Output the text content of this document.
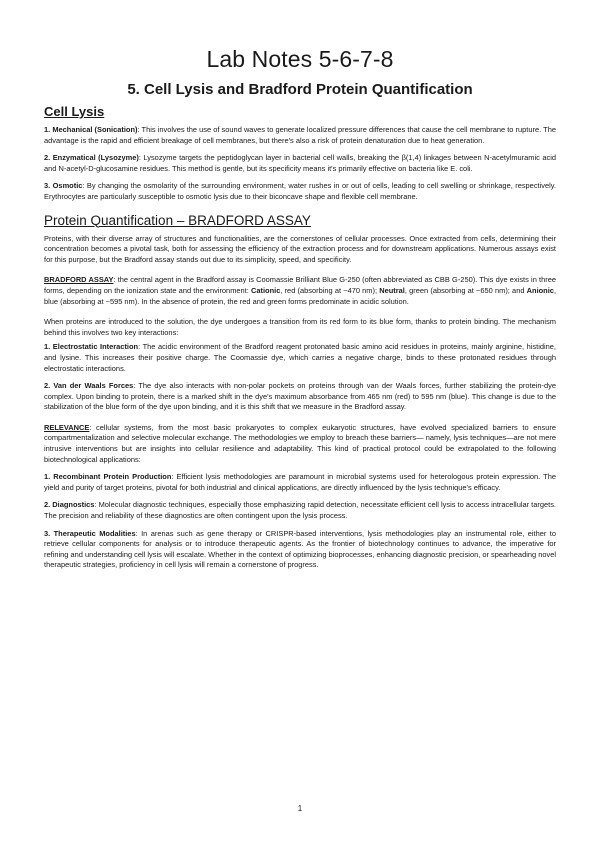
Lab Notes 5-6-7-8
5. Cell Lysis and Bradford Protein Quantification
Cell Lysis

1. Mechanical (Sonication): This involves the use of sound waves to generate localized pressure differences that cause the cell membrane to rupture. The advantage is the rapid and efficient breakage of cell membranes, but there's also a risk of protein denaturation due to heat generation.

2. Enzymatical (Lysozyme): Lysozyme targets the peptidoglycan layer in bacterial cell walls, breaking the β(1,4) linkages between N-acetylmuramic acid and N-acetyl-D-glucosamine residues. This method is gentle, but its specificity means it's primarily effective on bacteria like E. coli.

3. Osmotic: By changing the osmolarity of the surrounding environment, water rushes in or out of cells, leading to cell swelling or shrinkage, respectively. Erythrocytes are particularly susceptible to osmotic lysis due to their biconcave shape and flexible cell membrane.

Protein Quantification – BRADFORD ASSAY

Proteins, with their diverse array of structures and functionalities, are the cornerstones of cellular processes. Once extracted from cells, determining their concentration becomes a pivotal task, both for assessing the efficiency of the extraction process and for downstream applications. Numerous assays exist for this purpose, but the Bradford assay stands out due to its simplicity, speed, and specificity.

BRADFORD ASSAY: the central agent in the Bradford assay is Coomassie Brilliant Blue G-250 (often abbreviated as CBB G-250). This dye exists in three forms, depending on the ionization state and the environment: Cationic, red (absorbing at ~470 nm); Neutral, green (absorbing at ~650 nm); and Anionic, blue (absorbing at ~595 nm). In the absence of protein, the red and green forms predominate in acidic solution.

When proteins are introduced to the solution, the dye undergoes a transition from its red form to its blue form, thanks to protein binding. The mechanism behind this involves two key interactions:

1. Electrostatic Interaction: The acidic environment of the Bradford reagent protonated basic amino acid residues in proteins, mainly arginine, histidine, and lysine. This increases their positive charge. The Coomassie dye, which carries a negative charge, binds to these protonated residues through electrostatic interactions.

2. Van der Waals Forces: The dye also interacts with non-polar pockets on proteins through van der Waals forces, further stabilizing the protein-dye complex. Upon binding to protein, there is a marked shift in the dye's maximum absorbance from 465 nm (red) to 595 nm (blue). This change is due to the stabilization of the blue form of the dye upon binding, and it is this shift that we measure in the Bradford assay.

RELEVANCE: cellular systems, from the most basic prokaryotes to complex eukaryotic structures, have evolved specialized barriers to ensure compartmentalization and selective molecular exchange. The methodologies we employ to breach these barriers— namely, lysis techniques—are not mere intrusive interventions but are insights into cellular resilience and adaptability. This kind of practical protocol could be extrapolated to the following biotechnological applications:

1. Recombinant Protein Production: Efficient lysis methodologies are paramount in microbial systems used for heterologous protein expression. The yield and purity of target proteins, pivotal for both industrial and clinical applications, are directly influenced by the lysis technique's efficacy.

2. Diagnostics: Molecular diagnostic techniques, especially those emphasizing rapid detection, necessitate efficient cell lysis to access intracellular targets. The precision and reliability of these diagnostics are often contingent upon the lysis process.

3. Therapeutic Modalities: In arenas such as gene therapy or CRISPR-based interventions, lysis methodologies play an instrumental role, either to retrieve cellular components for analysis or to introduce therapeutic agents. As the frontier of biotechnology continues to advance, the imperative for refining and understanding cell lysis will escalate. Whether in the context of optimizing bioprocesses, enhancing diagnostic precision, or spearheading novel therapeutic strategies, proficiency in cell lysis will remain a cornerstone of progress.

1
